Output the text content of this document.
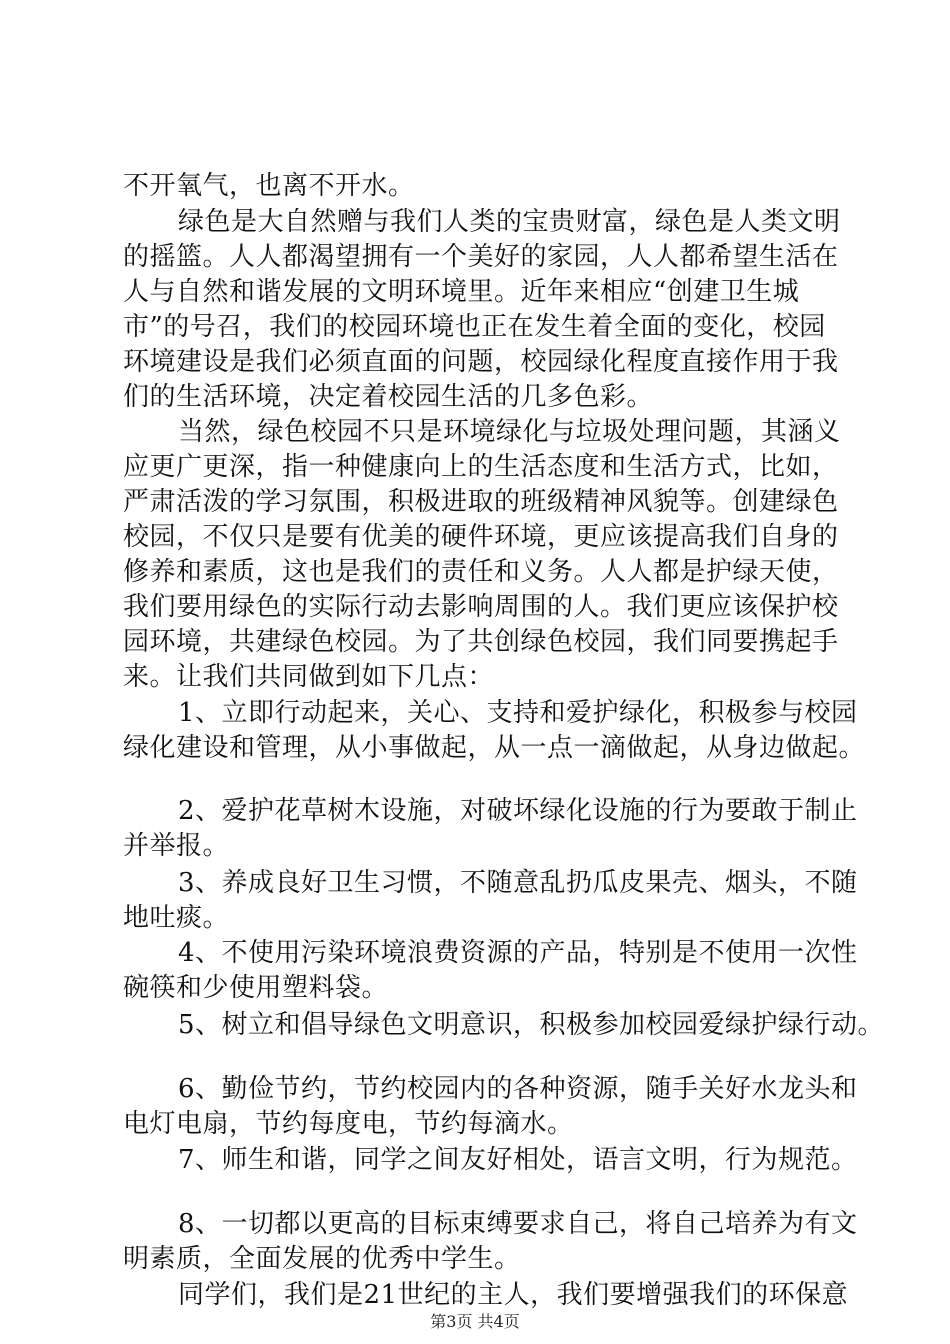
不开氧气，也离不开水。
绿色是大自然赠与我们人类的宝贵财富，绿色是人类文明
的摇篮。人人都渴望拥有一个美好的家园，人人都希望生活在
人与自然和谐发展的文明环境里。近年来相应“创建卫生城
市”的号召，我们的校园环境也正在发生着全面的变化，校园
环境建设是我们必须直面的问题，校园绿化程度直接作用于我
们的生活环境，决定着校园生活的几多色彩。
当然，绿色校园不只是环境绿化与垃圾处理问题，其涵义
应更广更深，指一种健康向上的生活态度和生活方式，比如，
严肃活泼的学习氛围，积极进取的班级精神风貌等。创建绿色
校园，不仅只是要有优美的硬件环境，更应该提高我们自身的
修养和素质，这也是我们的责任和义务。人人都是护绿天使，
我们要用绿色的实际行动去影响周围的人。我们更应该保护校
园环境，共建绿色校园。为了共创绿色校园，我们同要携起手
来。让我们共同做到如下几点：
1、立即行动起来，关心、支持和爱护绿化，积极参与校园
绿化建设和管理，从小事做起，从一点一滴做起，从身边做起。
2、爱护花草树木设施，对破坏绿化设施的行为要敢于制止
并举报。
3、养成良好卫生习惯，不随意乱扔瓜皮果壳、烟头，不随
地吐痰。
4、不使用污染环境浪费资源的产品，特别是不使用一次性
碗筷和少使用塑料袋。
5、树立和倡导绿色文明意识，积极参加校园爱绿护绿行动。
6、勤俭节约，节约校园内的各种资源，随手关好水龙头和
电灯电扇，节约每度电，节约每滴水。
7、师生和谐，同学之间友好相处，语言文明，行为规范。
8、一切都以更高的目标束缚要求自己，将自己培养为有文
明素质，全面发展的优秀中学生。
同学们，我们是21世纪的主人，我们要增强我们的环保意
第3页 共4页
